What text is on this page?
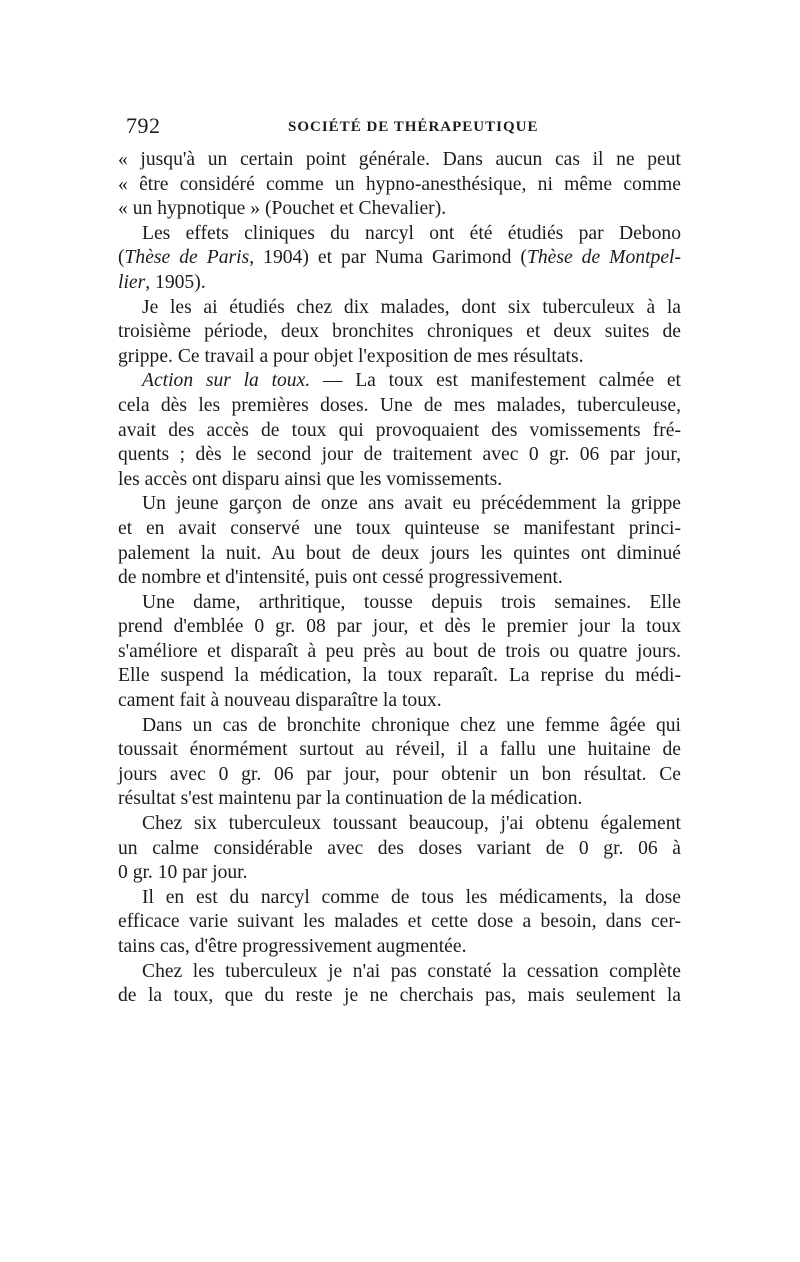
792	SOCIÉTÉ DE THÉRAPEUTIQUE
« jusqu'à un certain point générale. Dans aucun cas il ne peut
« être considéré comme un hypno-anesthésique, ni même comme
« un hypnotique » (Pouchet et Chevalier).
Les effets cliniques du narcyl ont été étudiés par Debono
(Thèse de Paris, 1904) et par Numa Garimond (Thèse de Montpel-
lier, 1905).
Je les ai étudiés chez dix malades, dont six tuberculeux à la
troisième période, deux bronchites chroniques et deux suites de
grippe. Ce travail a pour objet l'exposition de mes résultats.
Action sur la toux. — La toux est manifestement calmée et
cela dès les premières doses. Une de mes malades, tuberculeuse,
avait des accès de toux qui provoquaient des vomissements fré-
quents ; dès le second jour de traitement avec 0 gr. 06 par jour,
les accès ont disparu ainsi que les vomissements.
Un jeune garçon de onze ans avait eu précédemment la grippe
et en avait conservé une toux quinteuse se manifestant princi-
palement la nuit. Au bout de deux jours les quintes ont diminué
de nombre et d'intensité, puis ont cessé progressivement.
Une dame, arthritique, tousse depuis trois semaines. Elle
prend d'emblée 0 gr. 08 par jour, et dès le premier jour la toux
s'améliore et disparaît à peu près au bout de trois ou quatre jours.
Elle suspend la médication, la toux reparaît. La reprise du médi-
cament fait à nouveau disparaître la toux.
Dans un cas de bronchite chronique chez une femme âgée qui
toussait énormément surtout au réveil, il a fallu une huitaine de
jours avec 0 gr. 06 par jour, pour obtenir un bon résultat. Ce
résultat s'est maintenu par la continuation de la médication.
Chez six tuberculeux toussant beaucoup, j'ai obtenu également
un calme considérable avec des doses variant de 0 gr. 06 à
0 gr. 10 par jour.
Il en est du narcyl comme de tous les médicaments, la dose
efficace varie suivant les malades et cette dose a besoin, dans cer-
tains cas, d'être progressivement augmentée.
Chez les tuberculeux je n'ai pas constaté la cessation complète
de la toux, que du reste je ne cherchais pas, mais seulement la
